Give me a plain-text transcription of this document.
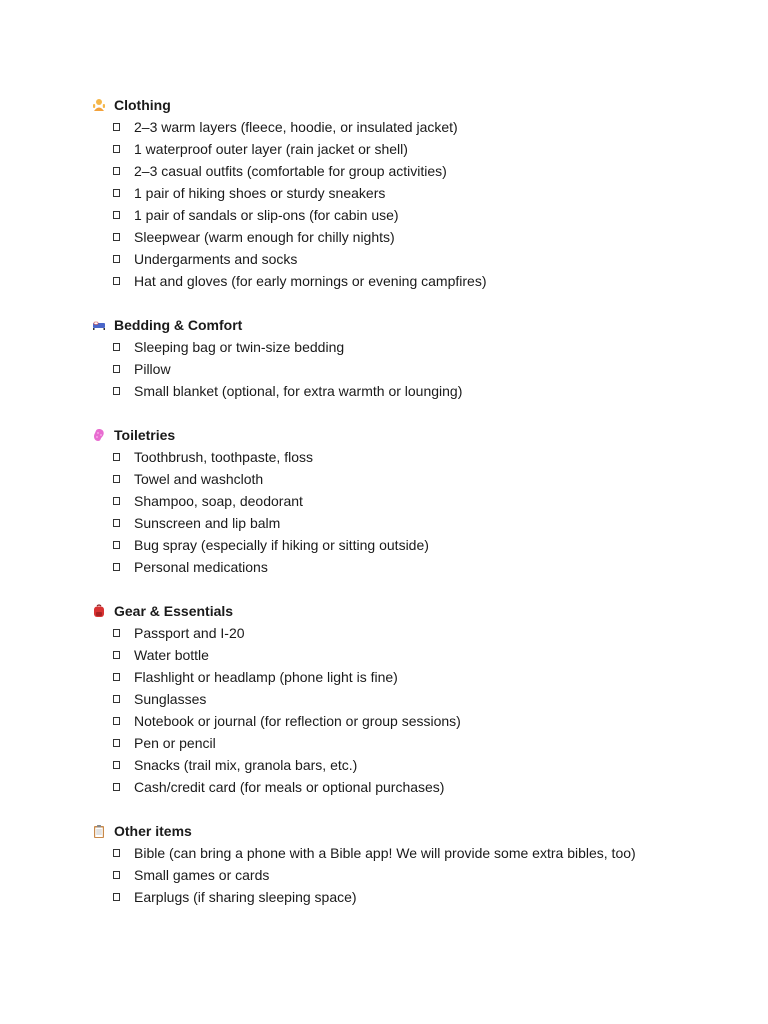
Clothing
2–3 warm layers (fleece, hoodie, or insulated jacket)
1 waterproof outer layer (rain jacket or shell)
2–3 casual outfits (comfortable for group activities)
1 pair of hiking shoes or sturdy sneakers
1 pair of sandals or slip-ons (for cabin use)
Sleepwear (warm enough for chilly nights)
Undergarments and socks
Hat and gloves (for early mornings or evening campfires)
Bedding & Comfort
Sleeping bag or twin-size bedding
Pillow
Small blanket (optional, for extra warmth or lounging)
Toiletries
Toothbrush, toothpaste, floss
Towel and washcloth
Shampoo, soap, deodorant
Sunscreen and lip balm
Bug spray (especially if hiking or sitting outside)
Personal medications
Gear & Essentials
Passport and I-20
Water bottle
Flashlight or headlamp (phone light is fine)
Sunglasses
Notebook or journal (for reflection or group sessions)
Pen or pencil
Snacks (trail mix, granola bars, etc.)
Cash/credit card (for meals or optional purchases)
Other items
Bible (can bring a phone with a Bible app! We will provide some extra bibles, too)
Small games or cards
Earplugs (if sharing sleeping space)
